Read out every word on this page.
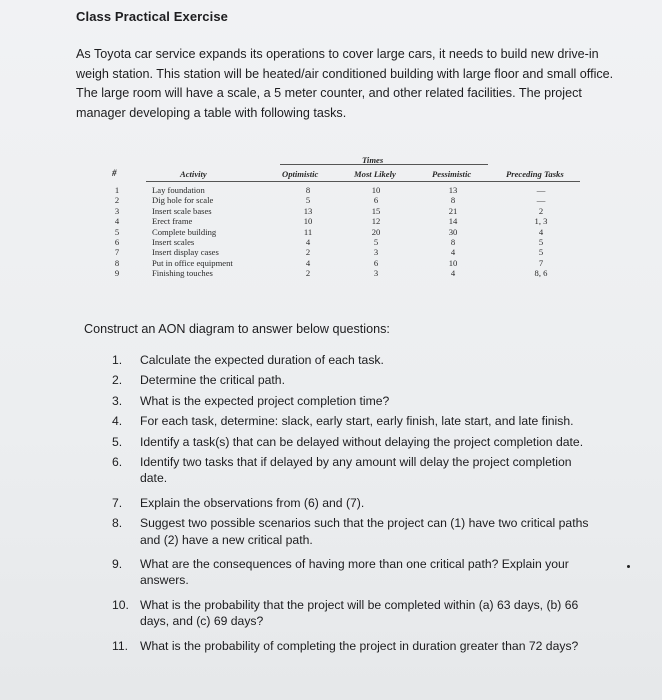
Class Practical Exercise
As Toyota car service expands its operations to cover large cars, it needs to build new drive-in weigh station. This station will be heated/air conditioned building with large floor and small office. The large room will have a scale, a 5 meter counter, and other related facilities. The project manager developing a table with following tasks.
#	Activity
Times
Optimistic	Most Likely	Pessimistic	Preceding Tasks
1	Lay foundation	8	10	13	—
2	Dig hole for scale	5	6	8	—
3	Insert scale bases	13	15	21	2
4	Erect frame	10	12	14	1, 3
5	Complete building	11	20	30	4
6	Insert scales	4	5	8	5
7	Insert display cases	2	3	4	5
8	Put in office equipment	4	6	10	7
9	Finishing touches	2	3	4	8, 6
Construct an AON diagram to answer below questions:
1.	Calculate the expected duration of each task.
2.	Determine the critical path.
3.	What is the expected project completion time?
4.	For each task, determine: slack, early start, early finish, late start, and late finish.
5.	Identify a task(s) that can be delayed without delaying the project completion date.
6.	Identify two tasks that if delayed by any amount will delay the project completion date.
7.	Explain the observations from (6) and (7).
8.	Suggest two possible scenarios such that the project can (1) have two critical paths and (2) have a new critical path.
9.	What are the consequences of having more than one critical path? Explain your answers.
10. What is the probability that the project will be completed within (a) 63 days, (b) 66 days, and (c) 69 days?
11. What is the probability of completing the project in duration greater than 72 days?
